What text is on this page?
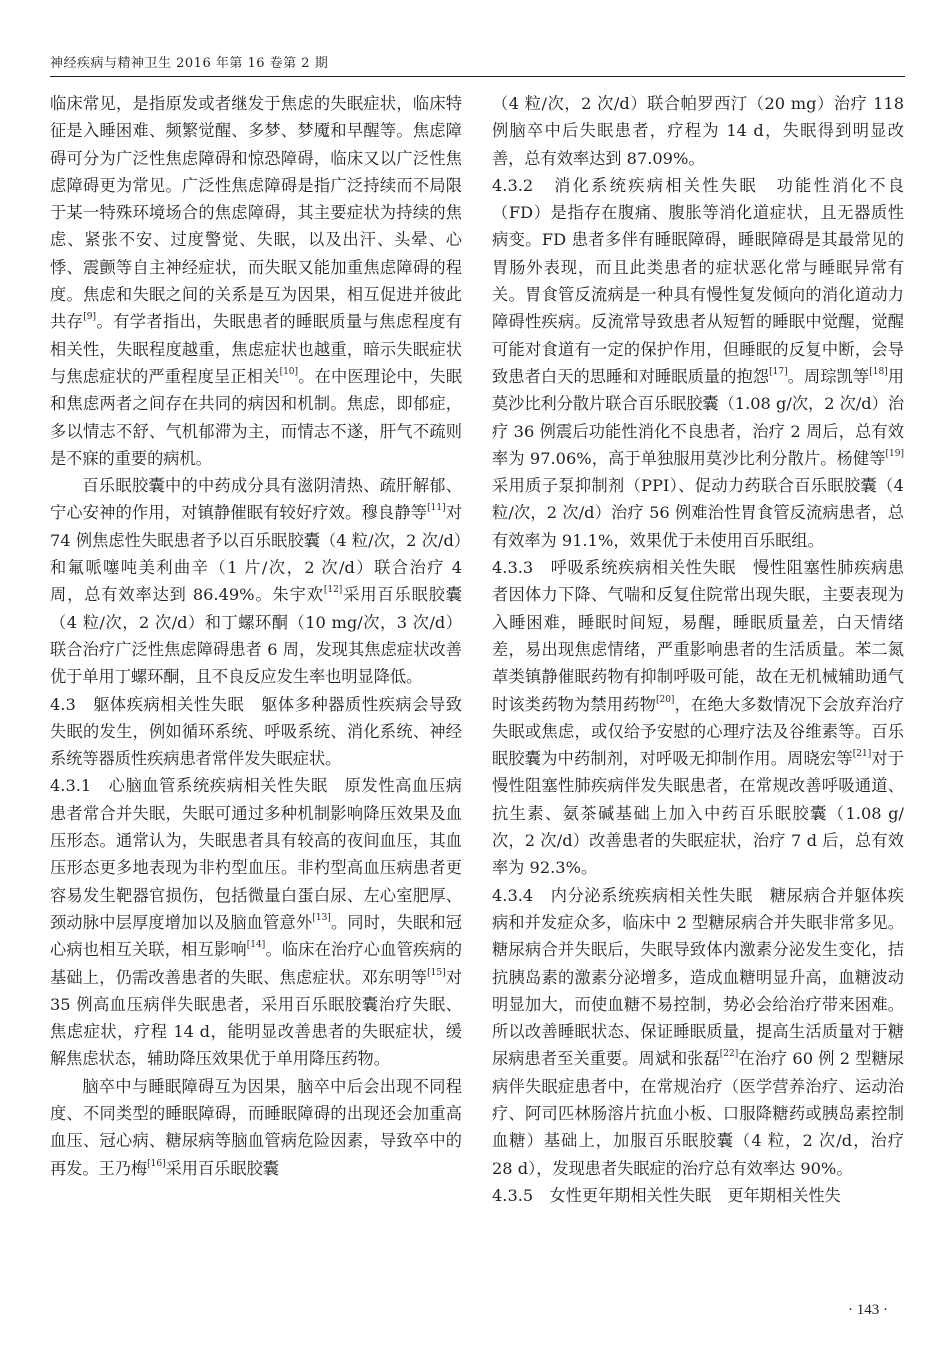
神经疾病与精神卫生 2016 年第 16 卷第 2 期

临床常见，是指原发或者继发于焦虑的失眠症状，临床特征是入睡困难、频繁觉醒、多梦、梦魇和早醒等。焦虑障碍可分为广泛性焦虑障碍和惊恐障碍，临床又以广泛性焦虑障碍更为常见。广泛性焦虑障碍是指广泛持续而不局限于某一特殊环境场合的焦虑障碍，其主要症状为持续的焦虑、紧张不安、过度警觉、失眠，以及出汗、头晕、心悸、震颤等自主神经症状，而失眠又能加重焦虑障碍的程度。焦虑和失眠之间的关系是互为因果，相互促进并彼此共存[9]。有学者指出，失眠患者的睡眠质量与焦虑程度有相关性，失眠程度越重，焦虑症状也越重，暗示失眠症状与焦虑症状的严重程度呈正相关[10]。在中医理论中，失眠和焦虑两者之间存在共同的病因和机制。焦虑，即郁症，多以情志不舒、气机郁滞为主，而情志不遂，肝气不疏则是不寐的重要的病机。

百乐眠胶囊中的中药成分具有滋阴清热、疏肝解郁、宁心安神的作用，对镇静催眠有较好疗效。穆良静等[11]对 74 例焦虑性失眠患者予以百乐眠胶囊（4 粒/次，2 次/d）和氟哌噻吨美利曲辛（1 片/次，2 次/d）联合治疗 4 周，总有效率达到 86.49%。朱宇欢[12]采用百乐眠胶囊（4 粒/次，2 次/d）和丁螺环酮（10 mg/次，3 次/d）联合治疗广泛性焦虑障碍患者 6 周，发现其焦虑症状改善优于单用丁螺环酮，且不良反应发生率也明显降低。

4.3　躯体疾病相关性失眠　躯体多种器质性疾病会导致失眠的发生，例如循环系统、呼吸系统、消化系统、神经系统等器质性疾病患者常伴发失眠症状。

4.3.1　心脑血管系统疾病相关性失眠　原发性高血压病患者常合并失眠，失眠可通过多种机制影响降压效果及血压形态。通常认为，失眠患者具有较高的夜间血压，其血压形态更多地表现为非杓型血压。非杓型高血压病患者更容易发生靶器官损伤，包括微量白蛋白尿、左心室肥厚、颈动脉中层厚度增加以及脑血管意外[13]。同时，失眠和冠心病也相互关联，相互影响[14]。临床在治疗心血管疾病的基础上，仍需改善患者的失眠、焦虑症状。邓东明等[15]对 35 例高血压病伴失眠患者，采用百乐眠胶囊治疗失眠、焦虑症状，疗程 14 d，能明显改善患者的失眠症状，缓解焦虑状态，辅助降压效果优于单用降压药物。

脑卒中与睡眠障碍互为因果，脑卒中后会出现不同程度、不同类型的睡眠障碍，而睡眠障碍的出现还会加重高血压、冠心病、糖尿病等脑血管病危险因素，导致卒中的再发。王乃梅[16]采用百乐眠胶囊

（4 粒/次，2 次/d）联合帕罗西汀（20 mg）治疗 118 例脑卒中后失眠患者，疗程为 14 d，失眠得到明显改善，总有效率达到 87.09%。

4.3.2　消化系统疾病相关性失眠　功能性消化不良（FD）是指存在腹痛、腹胀等消化道症状，且无器质性病变。FD 患者多伴有睡眠障碍，睡眠障碍是其最常见的胃肠外表现，而且此类患者的症状恶化常与睡眠异常有关。胃食管反流病是一种具有慢性复发倾向的消化道动力障碍性疾病。反流常导致患者从短暂的睡眠中觉醒，觉醒可能对食道有一定的保护作用，但睡眠的反复中断，会导致患者白天的思睡和对睡眠质量的抱怨[17]。周琮凯等[18]用莫沙比利分散片联合百乐眠胶囊（1.08 g/次，2 次/d）治疗 36 例震后功能性消化不良患者，治疗 2 周后，总有效率为 97.06%，高于单独服用莫沙比利分散片。杨健等[19]采用质子泵抑制剂（PPI）、促动力药联合百乐眠胶囊（4 粒/次，2 次/d）治疗 56 例难治性胃食管反流病患者，总有效率为 91.1%，效果优于未使用百乐眠组。

4.3.3　呼吸系统疾病相关性失眠　慢性阻塞性肺疾病患者因体力下降、气喘和反复住院常出现失眠，主要表现为入睡困难，睡眠时间短，易醒，睡眠质量差，白天情绪差，易出现焦虑情绪，严重影响患者的生活质量。苯二氮䓬类镇静催眠药物有抑制呼吸可能，故在无机械辅助通气时该类药物为禁用药物[20]，在绝大多数情况下会放弃治疗失眠或焦虑，或仅给予安慰的心理疗法及谷维素等。百乐眠胶囊为中药制剂，对呼吸无抑制作用。周晓宏等[21]对于慢性阻塞性肺疾病伴发失眠患者，在常规改善呼吸通道、抗生素、氨茶碱基础上加入中药百乐眠胶囊（1.08 g/次，2 次/d）改善患者的失眠症状，治疗 7 d 后，总有效率为 92.3%。

4.3.4　内分泌系统疾病相关性失眠　糖尿病合并躯体疾病和并发症众多，临床中 2 型糖尿病合并失眠非常多见。糖尿病合并失眠后，失眠导致体内激素分泌发生变化，拮抗胰岛素的激素分泌增多，造成血糖明显升高，血糖波动明显加大，而使血糖不易控制，势必会给治疗带来困难。所以改善睡眠状态、保证睡眠质量，提高生活质量对于糖尿病患者至关重要。周斌和张磊[22]在治疗 60 例 2 型糖尿病伴失眠症患者中，在常规治疗（医学营养治疗、运动治疗、阿司匹林肠溶片抗血小板、口服降糖药或胰岛素控制血糖）基础上，加服百乐眠胶囊（4 粒，2 次/d，治疗 28 d），发现患者失眠症的治疗总有效率达 90%。

4.3.5　女性更年期相关性失眠　更年期相关性失

· 143 ·
